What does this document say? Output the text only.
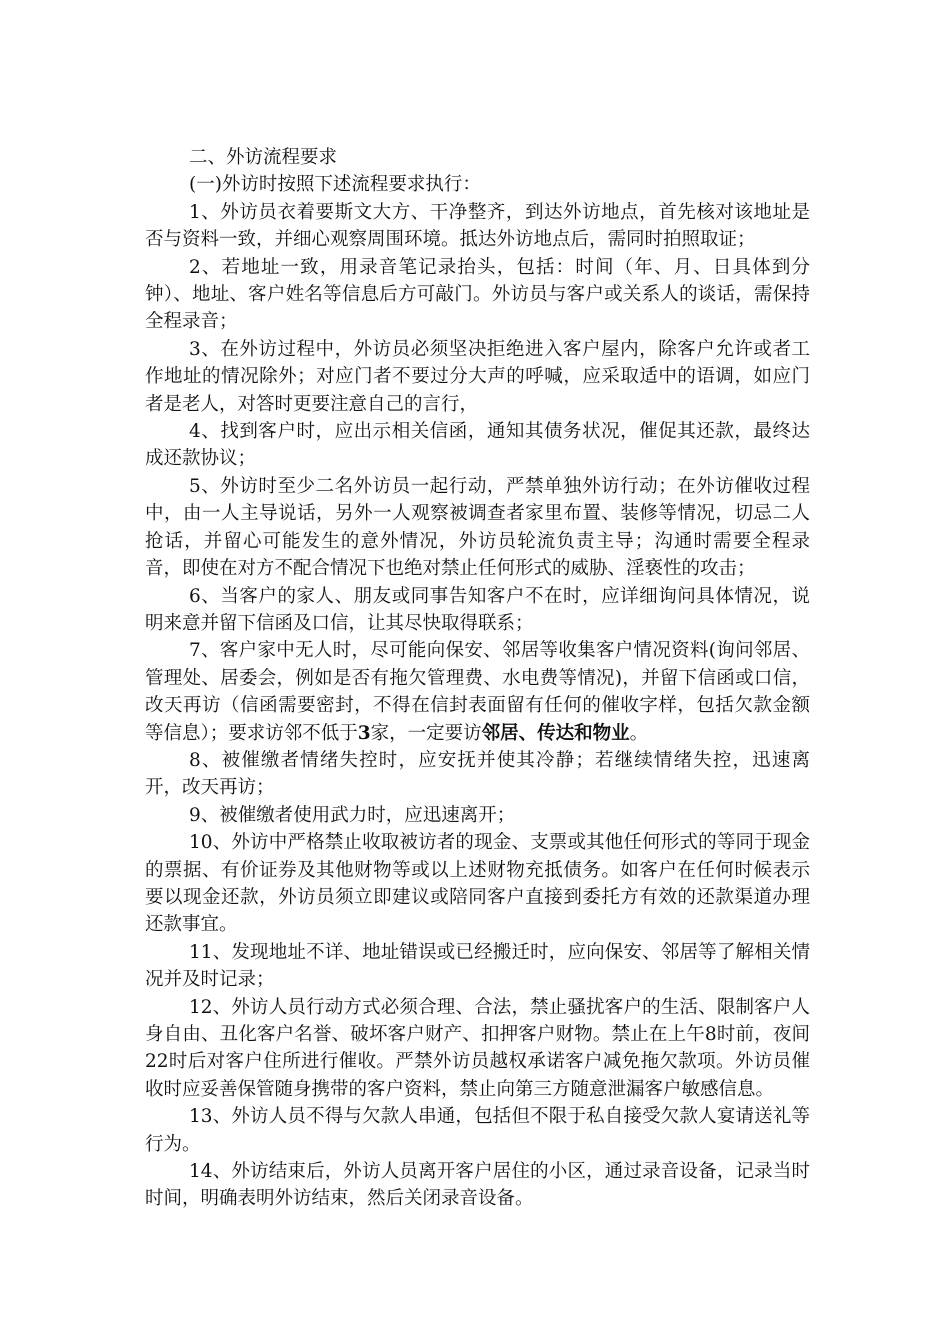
二、外访流程要求

(一)外访时按照下述流程要求执行：

1、外访员衣着要斯文大方、干净整齐，到达外访地点，首先核对该地址是否与资料一致，并细心观察周围环境。抵达外访地点后，需同时拍照取证；

2、若地址一致，用录音笔记录抬头，包括：时间（年、月、日具体到分钟）、地址、客户姓名等信息后方可敲门。外访员与客户或关系人的谈话，需保持全程录音；

3、在外访过程中，外访员必须坚决拒绝进入客户屋内，除客户允许或者工作地址的情况除外；对应门者不要过分大声的呼喊，应采取适中的语调，如应门者是老人，对答时更要注意自己的言行，

4、找到客户时，应出示相关信函，通知其债务状况，催促其还款，最终达成还款协议；

5、外访时至少二名外访员一起行动，严禁单独外访行动；在外访催收过程中，由一人主导说话，另外一人观察被调查者家里布置、装修等情况，切忌二人抢话，并留心可能发生的意外情况，外访员轮流负责主导；沟通时需要全程录音，即使在对方不配合情况下也绝对禁止任何形式的威胁、淫亵性的攻击；

6、当客户的家人、朋友或同事告知客户不在时，应详细询问具体情况，说明来意并留下信函及口信，让其尽快取得联系；

7、客户家中无人时，尽可能向保安、邻居等收集客户情况资料(询问邻居、管理处、居委会，例如是否有拖欠管理费、水电费等情况)，并留下信函或口信，改天再访（信函需要密封，不得在信封表面留有任何的催收字样，包括欠款金额等信息）；要求访邻不低于3家，一定要访邻居、传达和物业。

8、被催缴者情绪失控时，应安抚并使其冷静；若继续情绪失控，迅速离开，改天再访；

9、被催缴者使用武力时，应迅速离开；

10、外访中严格禁止收取被访者的现金、支票或其他任何形式的等同于现金的票据、有价证券及其他财物等或以上述财物充抵债务。如客户在任何时候表示要以现金还款，外访员须立即建议或陪同客户直接到委托方有效的还款渠道办理还款事宜。

11、发现地址不详、地址错误或已经搬迁时，应向保安、邻居等了解相关情况并及时记录；

12、外访人员行动方式必须合理、合法，禁止骚扰客户的生活、限制客户人身自由、丑化客户名誉、破坏客户财产、扣押客户财物。禁止在上午8时前，夜间22时后对客户住所进行催收。严禁外访员越权承诺客户减免拖欠款项。外访员催收时应妥善保管随身携带的客户资料，禁止向第三方随意泄漏客户敏感信息。

13、外访人员不得与欠款人串通，包括但不限于私自接受欠款人宴请送礼等行为。

14、外访结束后，外访人员离开客户居住的小区，通过录音设备，记录当时时间，明确表明外访结束，然后关闭录音设备。
